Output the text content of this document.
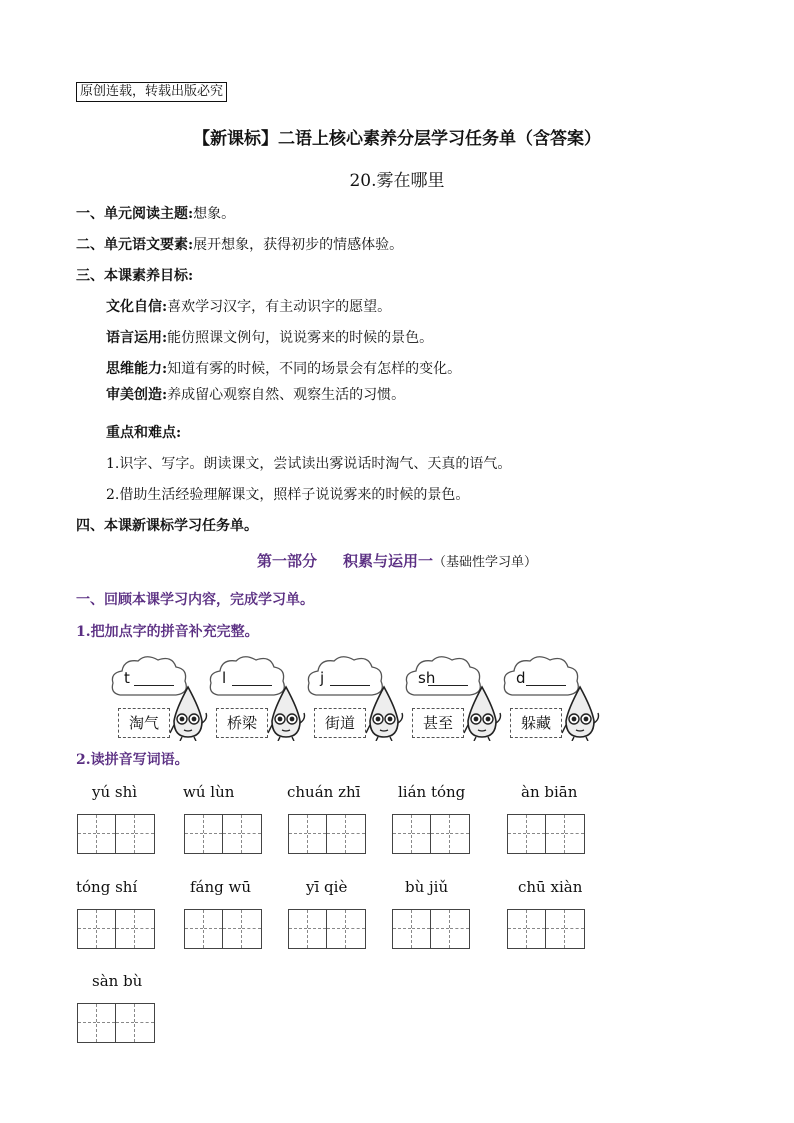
原创连载，转载出版必究
【新课标】二语上核心素养分层学习任务单（含答案）
20.雾在哪里
一、单元阅读主题:想象。
二、单元语文要素:展开想象，获得初步的情感体验。
三、本课素养目标:
文化自信:喜欢学习汉字，有主动识字的愿望。
语言运用:能仿照课文例句，说说雾来的时候的景色。
思维能力:知道有雾的时候，不同的场景会有怎样的变化。
审美创造:养成留心观察自然、观察生活的习惯。
重点和难点:
1.识字、写字。朗读课文，尝试读出雾说话时淘气、天真的语气。
2.借助生活经验理解课文，照样子说说雾来的时候的景色。
四、本课新课标学习任务单。
第一部分 积累与运用一（基础性学习单）
一、回顾本课学习内容，完成学习单。
1.把加点字的拼音补充完整。
t
淘气
l
桥梁
j
街道
sh
甚至
d
躲藏
2.读拼音写词语。
yú shì	wú lùn	chuán zhī	lián tóng	àn biān
tóng shí	fáng wū	yī qiè	bù jiǔ	chū xiàn
sàn bù
